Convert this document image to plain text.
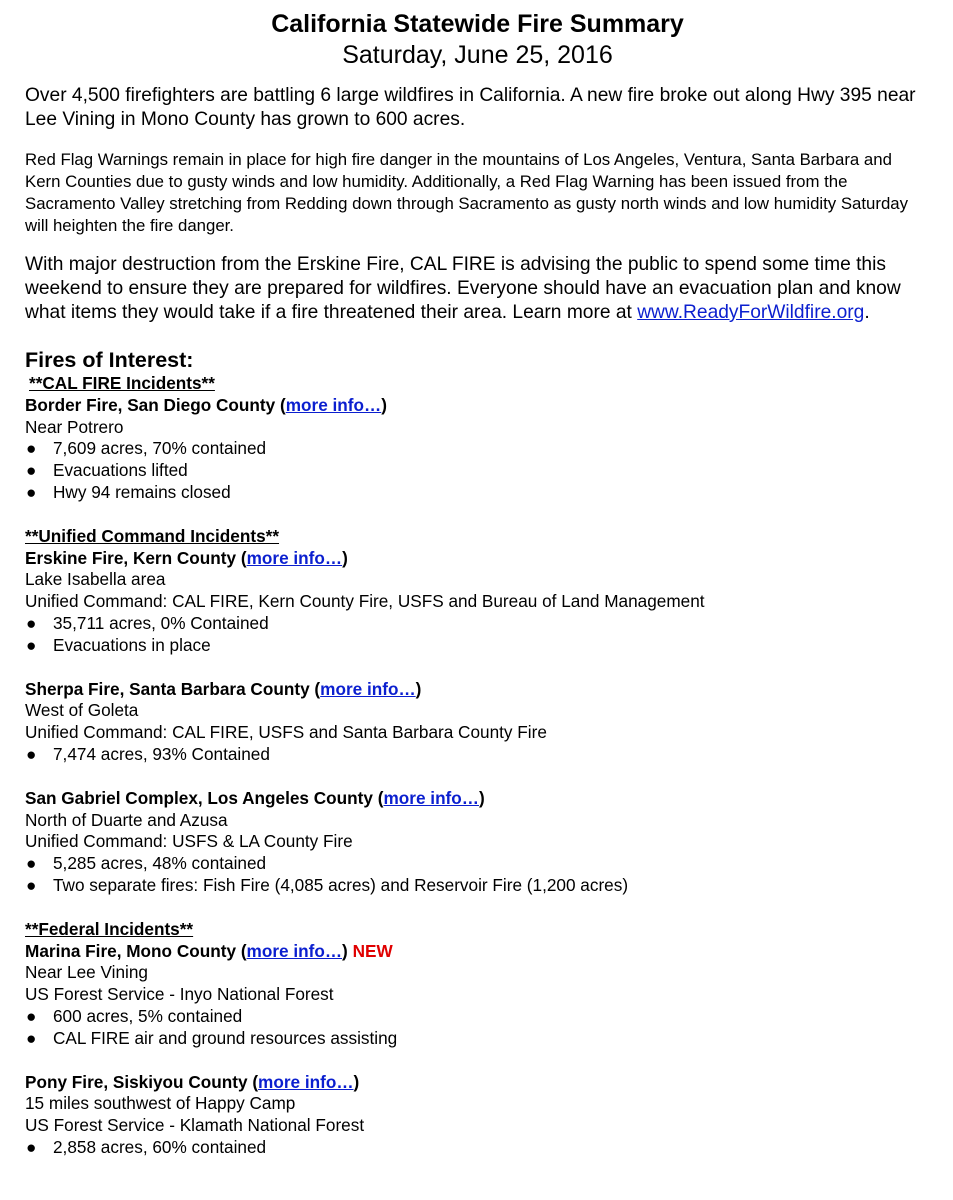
California Statewide Fire Summary

Saturday, June 25, 2016

Over 4,500 firefighters are battling 6 large wildfires in California. A new fire broke out along Hwy 395 near Lee Vining in Mono County has grown to 600 acres.

Red Flag Warnings remain in place for high fire danger in the mountains of Los Angeles, Ventura, Santa Barbara and Kern Counties due to gusty winds and low humidity. Additionally, a Red Flag Warning has been issued from the Sacramento Valley stretching from Redding down through Sacramento as gusty north winds and low humidity Saturday will heighten the fire danger.

With major destruction from the Erskine Fire, CAL FIRE is advising the public to spend some time this weekend to ensure they are prepared for wildfires. Everyone should have an evacuation plan and know what items they would take if a fire threatened their area. Learn more at www.ReadyForWildfire.org.

Fires of Interest:

**CAL FIRE Incidents**

Border Fire, San Diego County (more info…)

Near Potrero

● 7,609 acres, 70% contained
● Evacuations lifted
● Hwy 94 remains closed

**Unified Command Incidents**

Erskine Fire, Kern County (more info…)

Lake Isabella area

Unified Command: CAL FIRE, Kern County Fire, USFS and Bureau of Land Management

● 35,711 acres, 0% Contained
● Evacuations in place

Sherpa Fire, Santa Barbara County (more info…)

West of Goleta

Unified Command: CAL FIRE, USFS and Santa Barbara County Fire

● 7,474 acres, 93% Contained

San Gabriel Complex, Los Angeles County (more info…)

North of Duarte and Azusa

Unified Command: USFS & LA County Fire

● 5,285 acres, 48% contained
● Two separate fires: Fish Fire (4,085 acres) and Reservoir Fire (1,200 acres)

**Federal Incidents**

Marina Fire, Mono County (more info…) NEW

Near Lee Vining

US Forest Service - Inyo National Forest

● 600 acres, 5% contained
● CAL FIRE air and ground resources assisting

Pony Fire, Siskiyou County (more info…)

15 miles southwest of Happy Camp

US Forest Service - Klamath National Forest

● 2,858 acres, 60% contained
